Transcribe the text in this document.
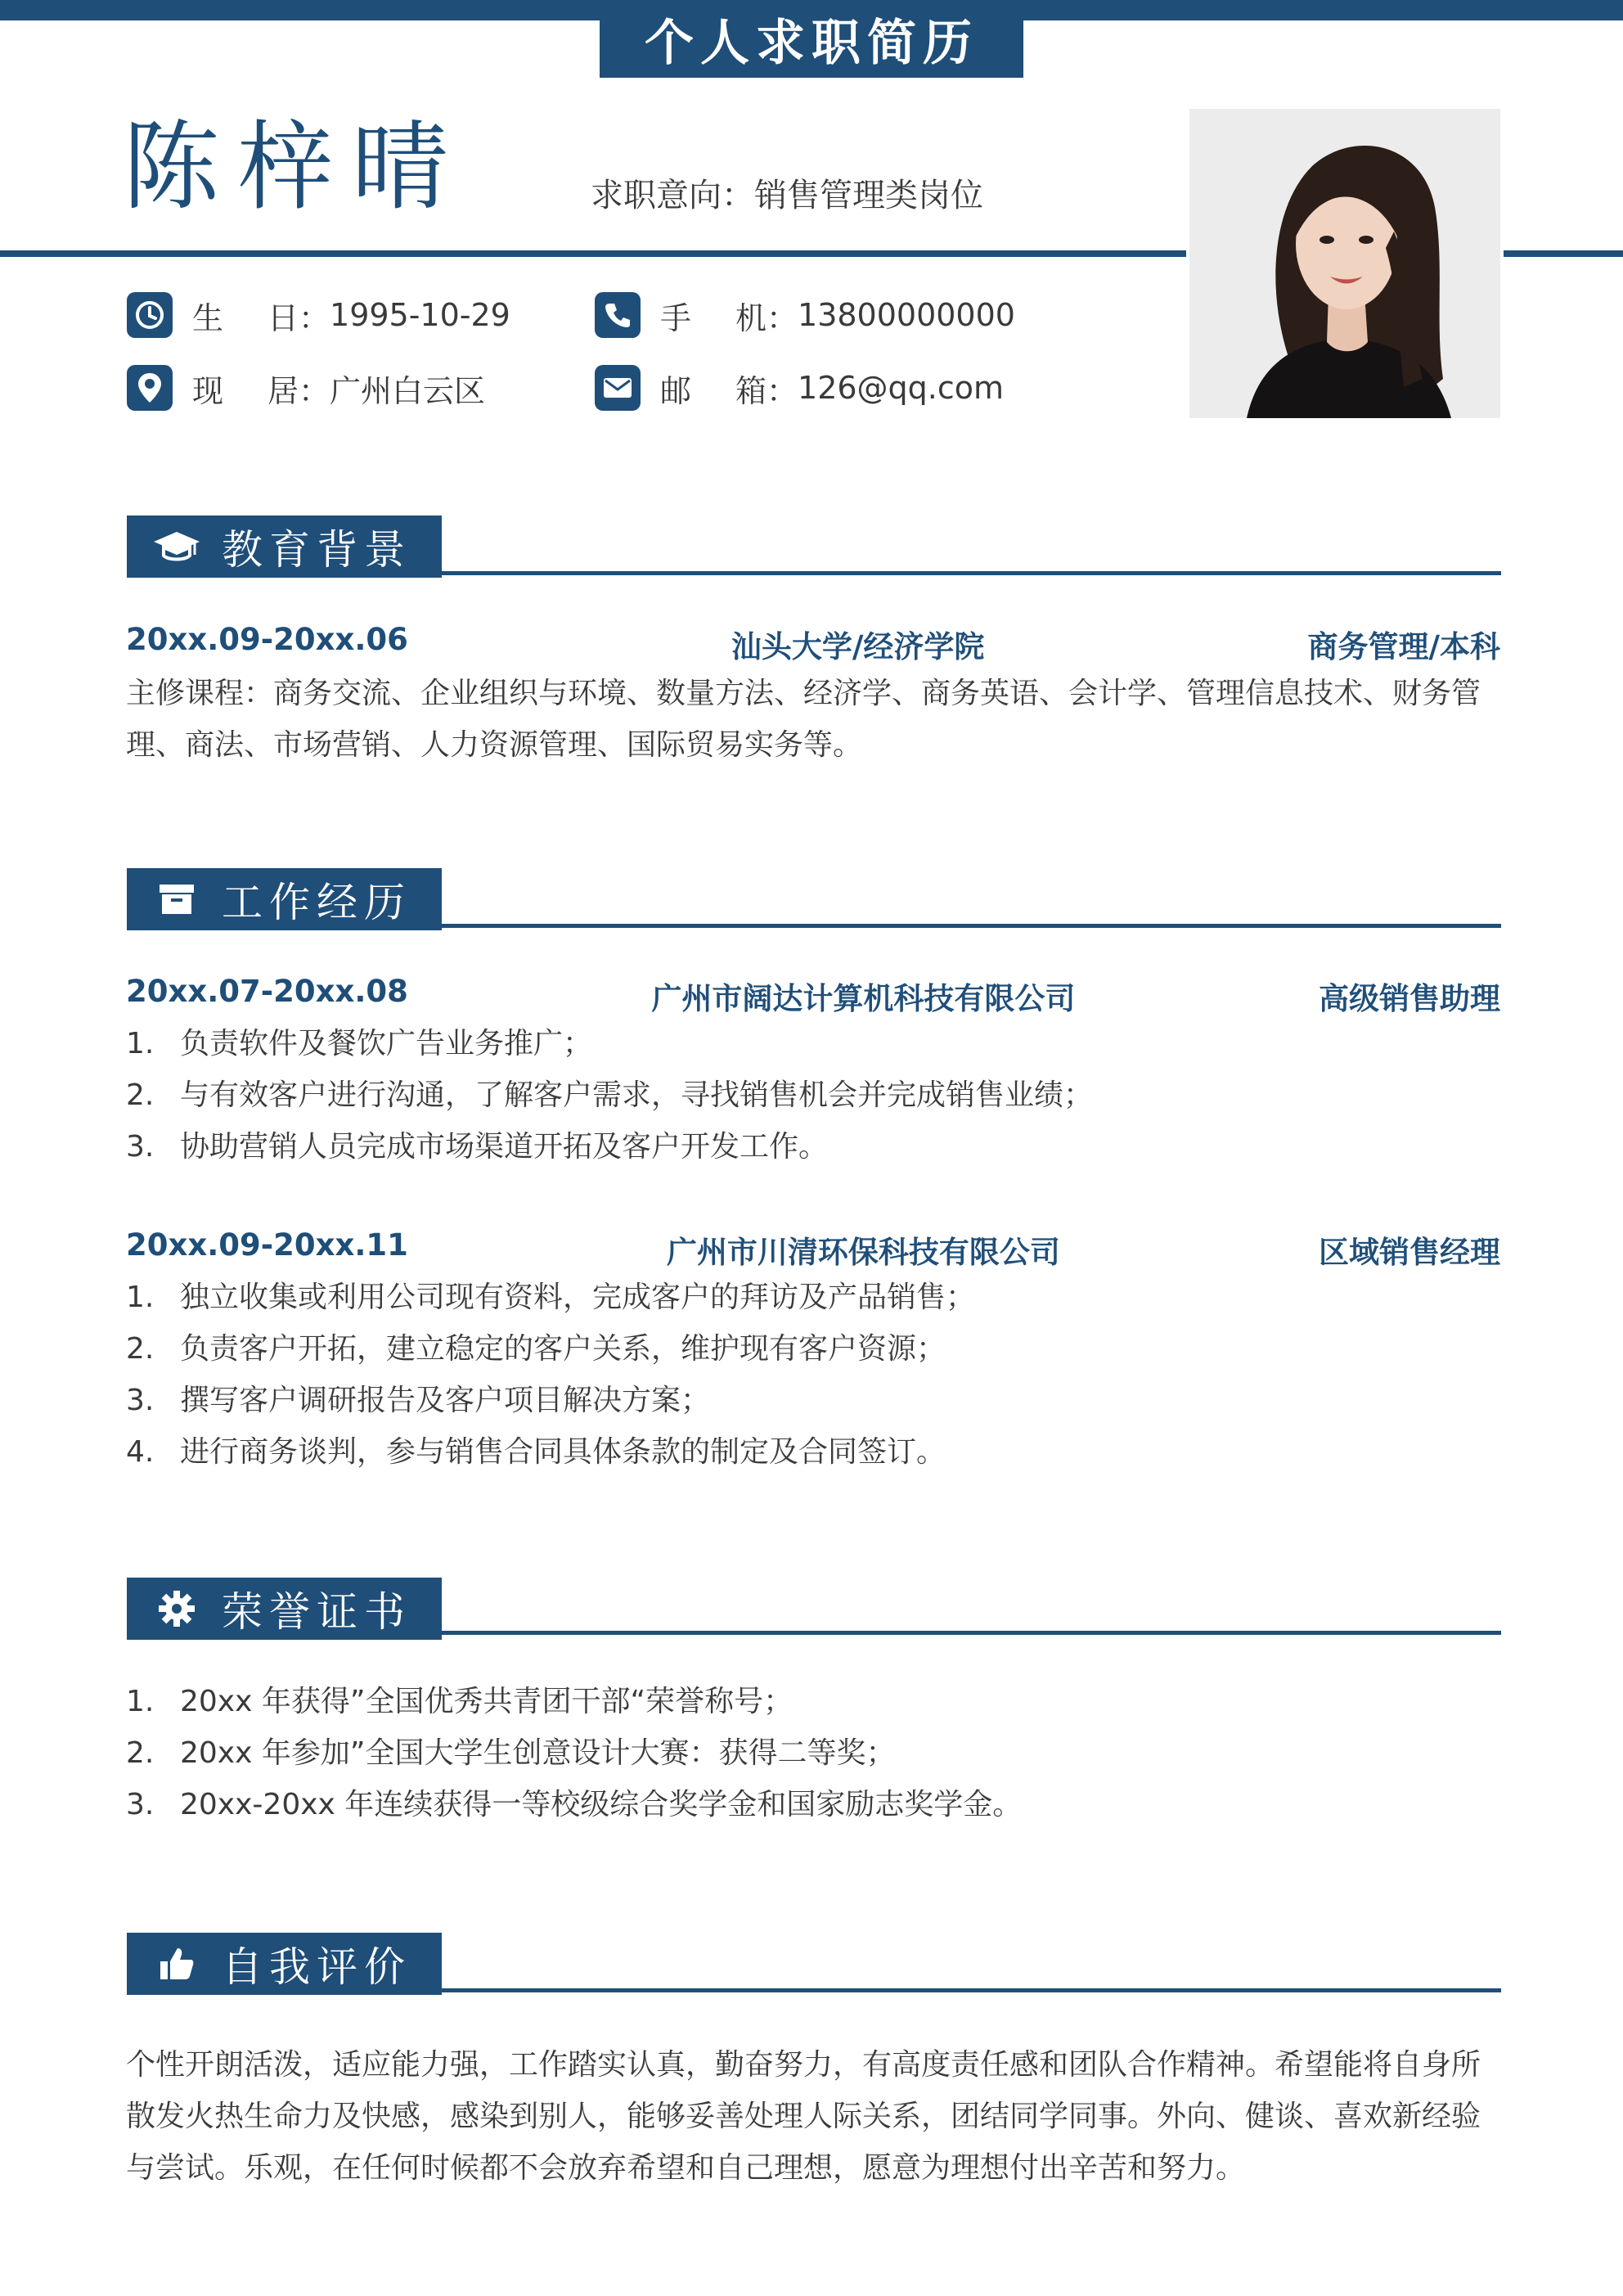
个人求职简历
陈梓晴	求职意向：销售管理类岗位
生	日： 1995-10-29	手	机： 13800000000
现	居： 广州白云区	邮	箱： 126@qq.com
教育背景
20xx.09-20xx.06	汕头大学/经济学院	商务管理/本科
主修课程：商务交流、企业组织与环境、数量方法、经济学、商务英语、会计学、管理信息技术、财务管理、商法、市场营销、人力资源管理、国际贸易实务等。
工作经历
20xx.07-20xx.08	广州市阔达计算机科技有限公司	高级销售助理
1. 负责软件及餐饮广告业务推广；
2. 与有效客户进行沟通，了解客户需求，寻找销售机会并完成销售业绩；
3. 协助营销人员完成市场渠道开拓及客户开发工作。
20xx.09-20xx.11	广州市川清环保科技有限公司	区域销售经理
1. 独立收集或利用公司现有资料，完成客户的拜访及产品销售；
2. 负责客户开拓，建立稳定的客户关系，维护现有客户资源；
3. 撰写客户调研报告及客户项目解决方案；
4. 进行商务谈判，参与销售合同具体条款的制定及合同签订。
荣誉证书
1. 20xx 年获得”全国优秀共青团干部“荣誉称号；
2. 20xx 年参加”全国大学生创意设计大赛：获得二等奖；
3. 20xx-20xx 年连续获得一等校级综合奖学金和国家励志奖学金。
自我评价
个性开朗活泼，适应能力强，工作踏实认真，勤奋努力，有高度责任感和团队合作精神。希望能将自身所散发火热生命力及快感，感染到别人，能够妥善处理人际关系，团结同学同事。外向、健谈、喜欢新经验与尝试。乐观，在任何时候都不会放弃希望和自己理想，愿意为理想付出辛苦和努力。
